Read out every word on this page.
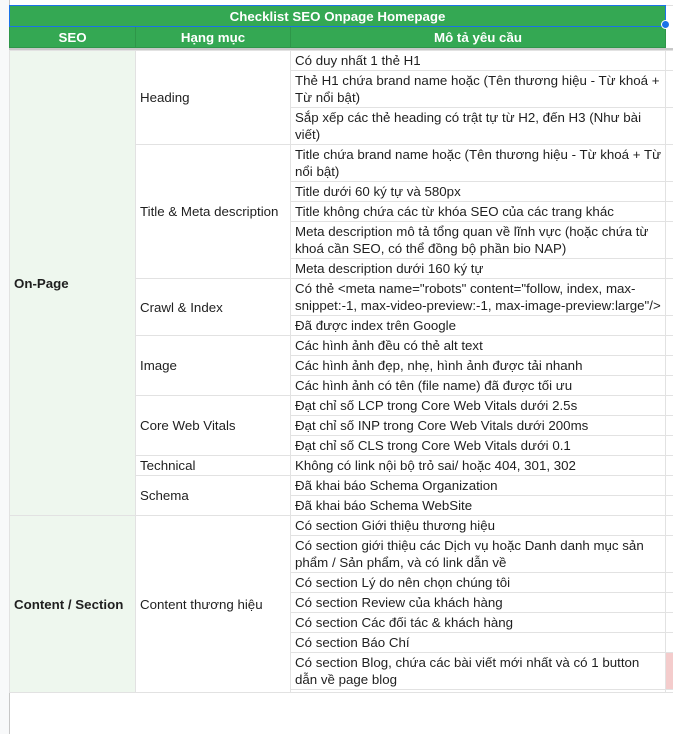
Checklist SEO Onpage Homepage			
SEO	Hạng mục	Mô tả yêu cầu	

On-Page	Heading	Có duy nhất 1 thẻ H1	
		Thẻ H1 chứa brand name hoặc (Tên thương hiệu - Từ khoá + Từ nổi bật)	
		Sắp xếp các thẻ heading có trật tự từ H2, đến H3 (Như bài viết)	
	Title & Meta description	Title chứa brand name hoặc (Tên thương hiệu - Từ khoá + Từ nổi bật)	
		Title dưới 60 ký tự và 580px	
		Title không chứa các từ khóa SEO của các trang khác	
		Meta description mô tả tổng quan về lĩnh vực (hoặc chứa từ khoá cần SEO, có thể đồng bộ phần bio NAP)	
		Meta description dưới 160 ký tự	
	Crawl & Index	Có thẻ <meta name="robots" content="follow, index, max-snippet:-1, max-video-preview:-1, max-image-preview:large"/>	
		Đã được index trên Google	
	Image	Các hình ảnh đều có thẻ alt text	
		Các hình ảnh đẹp, nhẹ, hình ảnh được tải nhanh	
		Các hình ảnh có tên (file name) đã được tối ưu	
	Core Web Vitals	Đạt chỉ số LCP trong Core Web Vitals dưới 2.5s	
		Đạt chỉ số INP trong Core Web Vitals dưới 200ms	
		Đạt chỉ số CLS trong Core Web Vitals dưới 0.1	
	Technical	Không có link nội bộ trỏ sai/ hoặc 404, 301, 302	
	Schema	Đã khai báo Schema Organization	
		Đã khai báo Schema WebSite	
Content / Section	Content thương hiệu	Có section Giới thiệu thương hiệu	
		Có section giới thiệu các Dịch vụ hoặc Danh danh mục sản phẩm / Sản phẩm, và có link dẫn về	
		Có section Lý do nên chọn chúng tôi	
		Có section Review của khách hàng	
		Có section Các đối tác & khách hàng	
		Có section Báo Chí	
		Có section Blog, chứa các bài viết mới nhất và có 1 button dẫn về page blog	
